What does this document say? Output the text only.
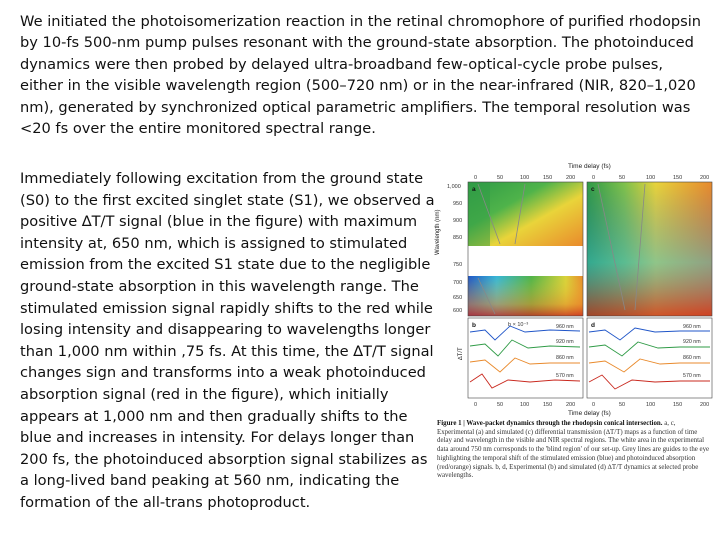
We initiated the photoisomerization reaction in the retinal chromophore of purified rhodopsin by 10-fs 500-nm pump pulses resonant with the ground-state absorption. The photoinduced dynamics were then probed by delayed ultra-broadband few-optical-cycle probe pulses, either in the visible wavelength region (500–720 nm) or in the near-infrared (NIR, 820–1,020 nm), generated by synchronized optical parametric amplifiers. The temporal resolution was <20 fs over the entire monitored spectral range.
Immediately following excitation from the ground state (S0) to the first excited singlet state (S1), we observed a positive ∆T/T signal (blue in the figure) with maximum intensity at, 650 nm, which is assigned to stimulated emission from the excited S1 state due to the negligible ground-state absorption in this wavelength range. The stimulated emission signal rapidly shifts to the red while losing intensity and disappearing to wavelengths longer than 1,000 nm within ,75 fs. At this time, the ∆T/T signal changes sign and transforms into a weak photoinduced absorption signal (red in the figure), which initially appears at 1,000 nm and then gradually shifts to the blue and increases in intensity. For delays longer than 200 fs, the photoinduced absorption signal stabilizes as a long-lived band peaking at 560 nm, indicating the formation of the all-trans photoproduct.
Time delay (fs)
0	50	100	150	200	0	50	100	150	200
Wavelength (nm)
1,000
950
900
850
750
700
650
600
a	c
∆T/T
b	b × 10⁻³	960 nm
920 nm
860 nm
570 nm
d	960 nm
920 nm
860 nm
570 nm
0	50	100	150	200	0	50	100	150	200
Time delay (fs)
Figure 1 | Wave-packet dynamics through the rhodopsin conical intersection. a, c, Experimental (a) and simulated (c) differential transmission (∆T/T) maps as a function of time delay and wavelength in the visible and NIR spectral regions. The white area in the experimental data around 750 nm corresponds to the 'blind region' of our set-up. Grey lines are guides to the eye highlighting the temporal shift of the stimulated emission (blue) and photoinduced absorption (red/orange) signals. b, d, Experimental (b) and simulated (d) ∆T/T dynamics at selected probe wavelengths.
